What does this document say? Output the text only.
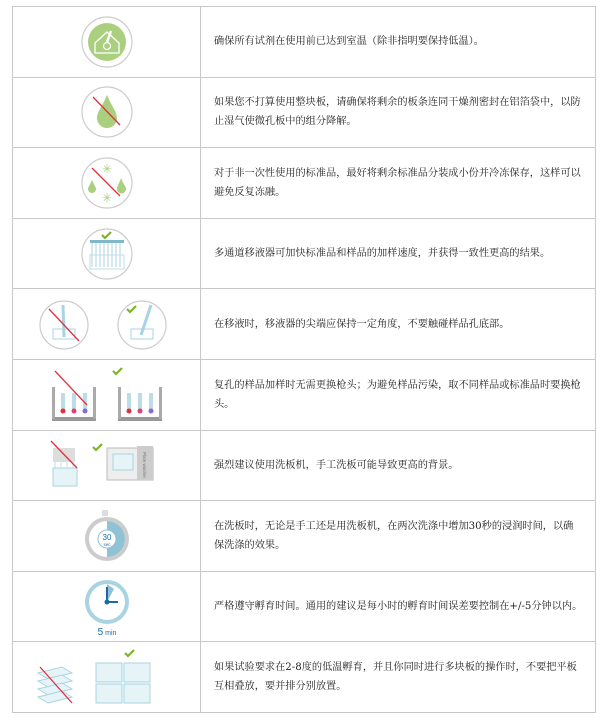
	确保所有试剂在使用前已达到室温（除非指明要保持低温）。

	如果您不打算使用整块板，请确保将剩余的板条连同干燥剂密封在铝箔袋中，以防止湿气使微孔板中的组分降解。

✳
✳	对于非一次性使用的标准品，最好将剩余标准品分装成小份并冷冻保存，这样可以避免反复冻融。

	多通道移液器可加快标准品和样品的加样速度，并获得一致性更高的结果。

	在移液时，移液器的尖端应保持一定角度，不要触碰样品孔底部。

	复孔的样品加样时无需更换枪头；为避免样品污染，取不同样品或标准品时要换枪头。

Plate washer	强烈建议使用洗板机，手工洗板可能导致更高的背景。

30
sec	在洗板时，无论是手工还是用洗板机，在两次洗涤中增加30秒的浸润时间，以确保洗涤的效果。

5 min	严格遵守孵育时间。通用的建议是每小时的孵育时间误差要控制在+/-5分钟以内。

	如果试验要求在2-8度的低温孵育，并且你同时进行多块板的操作时，不要把平板互相叠放，要并排分别放置。
